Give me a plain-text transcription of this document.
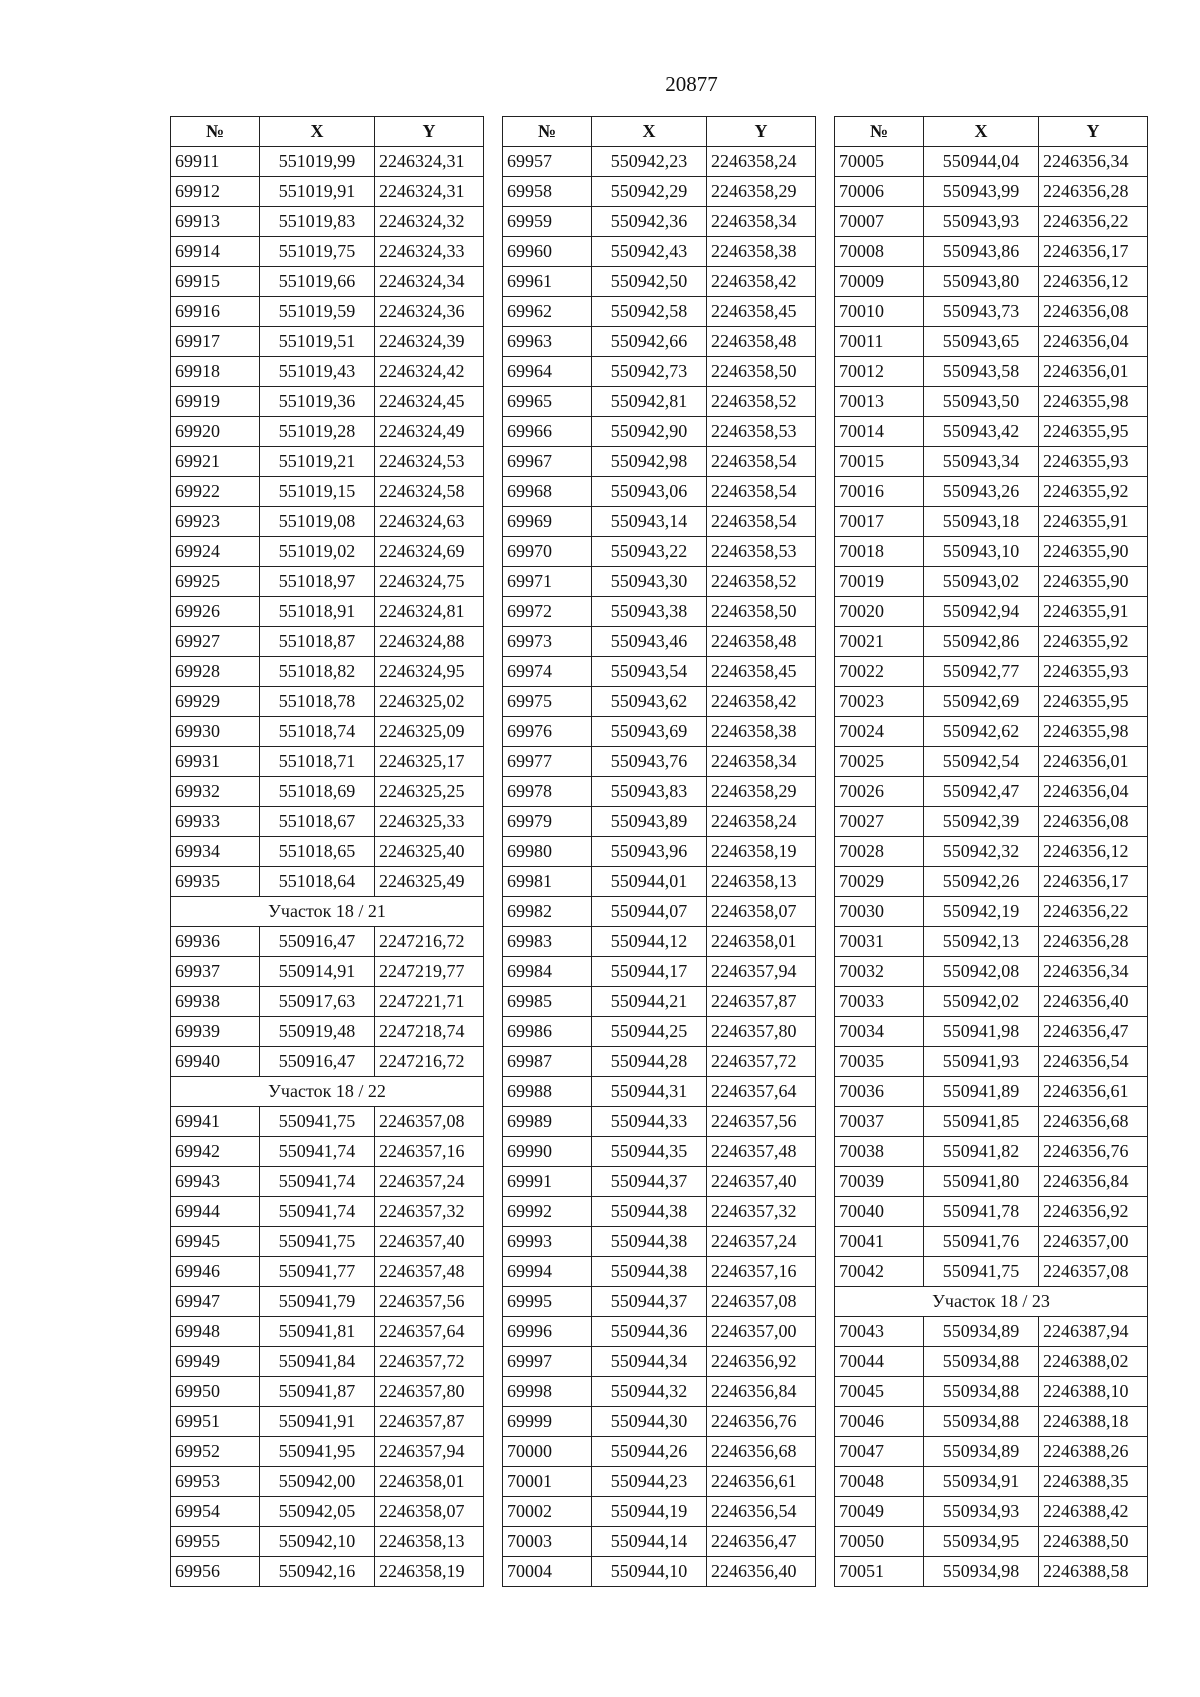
20877
№	X	Y
69911	551019,99	2246324,31
69912	551019,91	2246324,31
69913	551019,83	2246324,32
69914	551019,75	2246324,33
69915	551019,66	2246324,34
69916	551019,59	2246324,36
69917	551019,51	2246324,39
69918	551019,43	2246324,42
69919	551019,36	2246324,45
69920	551019,28	2246324,49
69921	551019,21	2246324,53
69922	551019,15	2246324,58
69923	551019,08	2246324,63
69924	551019,02	2246324,69
69925	551018,97	2246324,75
69926	551018,91	2246324,81
69927	551018,87	2246324,88
69928	551018,82	2246324,95
69929	551018,78	2246325,02
69930	551018,74	2246325,09
69931	551018,71	2246325,17
69932	551018,69	2246325,25
69933	551018,67	2246325,33
69934	551018,65	2246325,40
69935	551018,64	2246325,49
Участок 18 / 21		
69936	550916,47	2247216,72
69937	550914,91	2247219,77
69938	550917,63	2247221,71
69939	550919,48	2247218,74
69940	550916,47	2247216,72
Участок 18 / 22		
69941	550941,75	2246357,08
69942	550941,74	2246357,16
69943	550941,74	2246357,24
69944	550941,74	2246357,32
69945	550941,75	2246357,40
69946	550941,77	2246357,48
69947	550941,79	2246357,56
69948	550941,81	2246357,64
69949	550941,84	2246357,72
69950	550941,87	2246357,80
69951	550941,91	2246357,87
69952	550941,95	2246357,94
69953	550942,00	2246358,01
69954	550942,05	2246358,07
69955	550942,10	2246358,13
69956	550942,16	2246358,19
№	X	Y
69957	550942,23	2246358,24
69958	550942,29	2246358,29
69959	550942,36	2246358,34
69960	550942,43	2246358,38
69961	550942,50	2246358,42
69962	550942,58	2246358,45
69963	550942,66	2246358,48
69964	550942,73	2246358,50
69965	550942,81	2246358,52
69966	550942,90	2246358,53
69967	550942,98	2246358,54
69968	550943,06	2246358,54
69969	550943,14	2246358,54
69970	550943,22	2246358,53
69971	550943,30	2246358,52
69972	550943,38	2246358,50
69973	550943,46	2246358,48
69974	550943,54	2246358,45
69975	550943,62	2246358,42
69976	550943,69	2246358,38
69977	550943,76	2246358,34
69978	550943,83	2246358,29
69979	550943,89	2246358,24
69980	550943,96	2246358,19
69981	550944,01	2246358,13
69982	550944,07	2246358,07
69983	550944,12	2246358,01
69984	550944,17	2246357,94
69985	550944,21	2246357,87
69986	550944,25	2246357,80
69987	550944,28	2246357,72
69988	550944,31	2246357,64
69989	550944,33	2246357,56
69990	550944,35	2246357,48
69991	550944,37	2246357,40
69992	550944,38	2246357,32
69993	550944,38	2246357,24
69994	550944,38	2246357,16
69995	550944,37	2246357,08
69996	550944,36	2246357,00
69997	550944,34	2246356,92
69998	550944,32	2246356,84
69999	550944,30	2246356,76
70000	550944,26	2246356,68
70001	550944,23	2246356,61
70002	550944,19	2246356,54
70003	550944,14	2246356,47
70004	550944,10	2246356,40
№	X	Y
70005	550944,04	2246356,34
70006	550943,99	2246356,28
70007	550943,93	2246356,22
70008	550943,86	2246356,17
70009	550943,80	2246356,12
70010	550943,73	2246356,08
70011	550943,65	2246356,04
70012	550943,58	2246356,01
70013	550943,50	2246355,98
70014	550943,42	2246355,95
70015	550943,34	2246355,93
70016	550943,26	2246355,92
70017	550943,18	2246355,91
70018	550943,10	2246355,90
70019	550943,02	2246355,90
70020	550942,94	2246355,91
70021	550942,86	2246355,92
70022	550942,77	2246355,93
70023	550942,69	2246355,95
70024	550942,62	2246355,98
70025	550942,54	2246356,01
70026	550942,47	2246356,04
70027	550942,39	2246356,08
70028	550942,32	2246356,12
70029	550942,26	2246356,17
70030	550942,19	2246356,22
70031	550942,13	2246356,28
70032	550942,08	2246356,34
70033	550942,02	2246356,40
70034	550941,98	2246356,47
70035	550941,93	2246356,54
70036	550941,89	2246356,61
70037	550941,85	2246356,68
70038	550941,82	2246356,76
70039	550941,80	2246356,84
70040	550941,78	2246356,92
70041	550941,76	2246357,00
70042	550941,75	2246357,08
Участок 18 / 23		
70043	550934,89	2246387,94
70044	550934,88	2246388,02
70045	550934,88	2246388,10
70046	550934,88	2246388,18
70047	550934,89	2246388,26
70048	550934,91	2246388,35
70049	550934,93	2246388,42
70050	550934,95	2246388,50
70051	550934,98	2246388,58
